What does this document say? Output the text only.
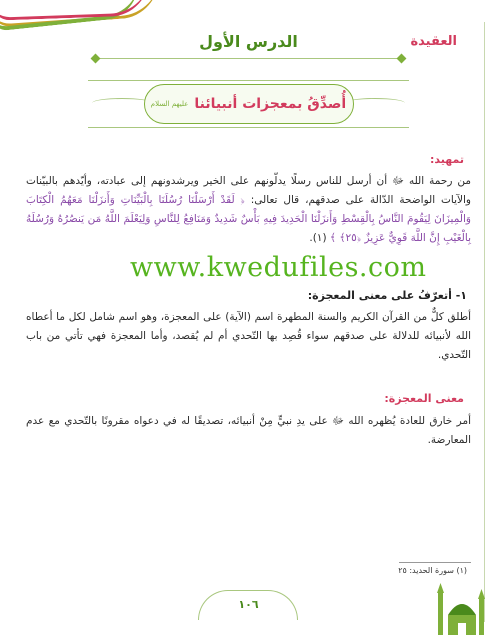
العقيدة
الدرس الأول
أُصدِّقُ بمعجزات أنبيائنا
عليهم السلام
تمهيد:
من رحمة الله ﷻ أن أرسل للناس رسلًا يدلّونهم على الخير ويرشدونهم إلى عبادته، وأيّدهم بالبيّنات والآيات الواضحة الدّالة على صدقهم، قال تعالى: ﴿ لَقَدْ أَرْسَلْنَا رُسُلَنَا بِالْبَيِّنَاتِ وَأَنزَلْنَا مَعَهُمُ الْكِتَابَ وَالْمِيزَانَ لِيَقُومَ النَّاسُ بِالْقِسْطِ وَأَنزَلْنَا الْحَدِيدَ فِيهِ بَأْسٌ شَدِيدٌ وَمَنَافِعُ لِلنَّاسِ وَلِيَعْلَمَ اللَّهُ مَن يَنصُرُهُ وَرُسُلَهُ بِالْغَيْبِ إِنَّ اللَّهَ قَوِيٌّ عَزِيزٌ ﴿٢٥﴾ ﴾ (١).
www.kwedufiles.com
١- أتعرّفُ على معنى المعجزة:
أطلق كلٌّ من القرآن الكريم والسنة المطهرة اسم (الآية) على المعجزة، وهو اسم شامل لكل ما أعطاه الله لأنبيائه للدلالة على صدقهم سواء قُصِد بها التّحدي أم لم يُقصد، وأما المعجزة فهي تأتي من باب التّحدي.
معنى المعجزة:
أمر خارق للعادة يُظهره الله ﷻ على يدِ نبيٍّ مِنْ أنبيائه، تصديقًا له في دعواه مقرونًا بالتّحدي مع عدم المعارضة.
(١) سورة الحديد: ٢٥
١٠٦
